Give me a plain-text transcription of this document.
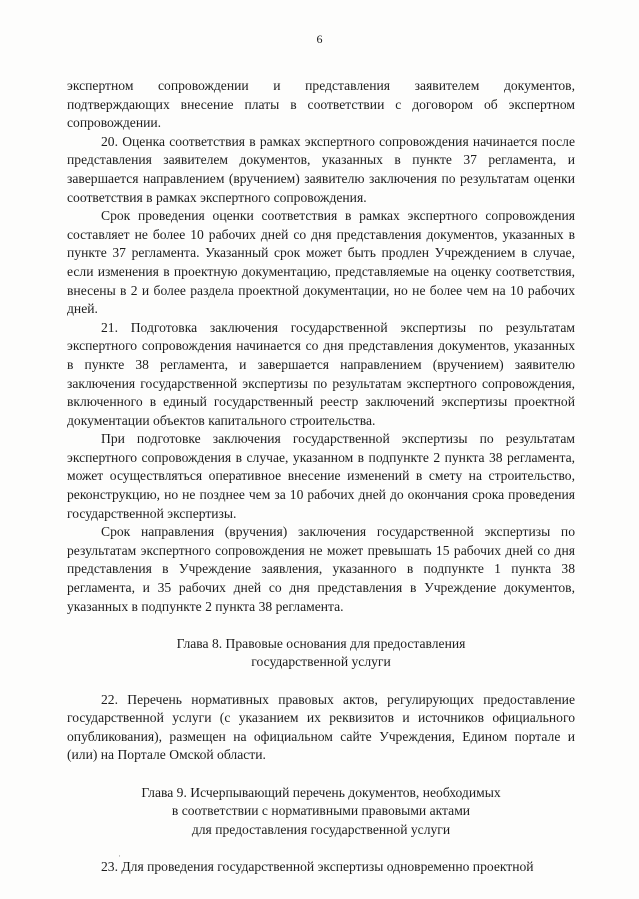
6

экспертном сопровождении и представления заявителем документов, подтверждающих внесение платы в соответствии с договором об экспертном сопровождении.

20. Оценка соответствия в рамках экспертного сопровождения начинается после представления заявителем документов, указанных в пункте 37 регламента, и завершается направлением (вручением) заявителю заключения по результатам оценки соответствия в рамках экспертного сопровождения.

Срок проведения оценки соответствия в рамках экспертного сопровождения составляет не более 10 рабочих дней со дня представления документов, указанных в пункте 37 регламента. Указанный срок может быть продлен Учреждением в случае, если изменения в проектную документацию, представляемые на оценку соответствия, внесены в 2 и более раздела проектной документации, но не более чем на 10 рабочих дней.

21. Подготовка заключения государственной экспертизы по результатам экспертного сопровождения начинается со дня представления документов, указанных в пункте 38 регламента, и завершается направлением (вручением) заявителю заключения государственной экспертизы по результатам экспертного сопровождения, включенного в единый государственный реестр заключений экспертизы проектной документации объектов капитального строительства.

При подготовке заключения государственной экспертизы по результатам экспертного сопровождения в случае, указанном в подпункте 2 пункта 38 регламента, может осуществляться оперативное внесение изменений в смету на строительство, реконструкцию, но не позднее чем за 10 рабочих дней до окончания срока проведения государственной экспертизы.

Срок направления (вручения) заключения государственной экспертизы по результатам экспертного сопровождения не может превышать 15 рабочих дней со дня представления в Учреждение заявления, указанного в подпункте 1 пункта 38 регламента, и 35 рабочих дней со дня представления в Учреждение документов, указанных в подпункте 2 пункта 38 регламента.

Глава 8. Правовые основания для предоставления
государственной услуги

22. Перечень нормативных правовых актов, регулирующих предоставление государственной услуги (с указанием их реквизитов и источников официального опубликования), размещен на официальном сайте Учреждения, Едином портале и (или) на Портале Омской области.

Глава 9. Исчерпывающий перечень документов, необходимых
в соответствии с нормативными правовыми актами
для предоставления государственной услуги

23. Для проведения государственной экспертизы одновременно проектной

·
